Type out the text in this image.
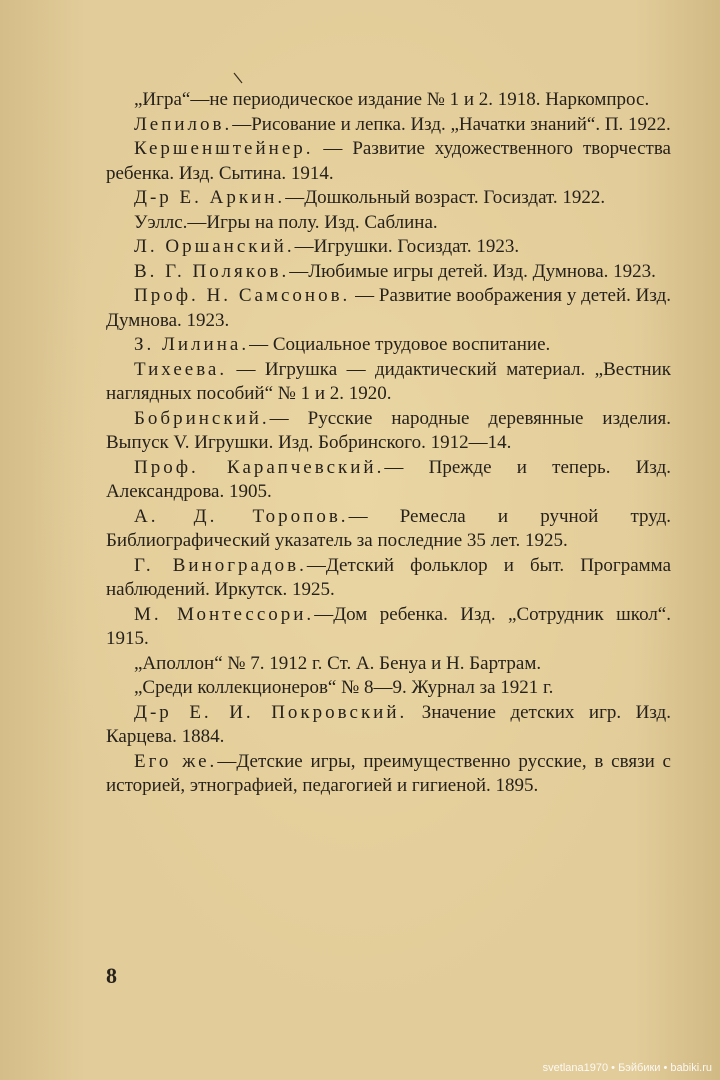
„Игра“—не периодическое издание № 1 и 2. 1918. Наркомпрос.

Лепилов.—Рисование и лепка. Изд. „Начатки знаний“. П. 1922.

Кершенштейнер. — Развитие художественного творчества ребенка. Изд. Сытина. 1914.

Д-р Е. Аркин.—Дошкольный возраст. Госиздат. 1922.

Уэллс.—Игры на полу. Изд. Саблина.

Л. Оршанский.—Игрушки. Госиздат. 1923.

В. Г. Поляков.—Любимые игры детей. Изд. Думнова. 1923.

Проф. Н. Самсонов. — Развитие воображения у детей. Изд. Думнова. 1923.

З. Лилина.— Социальное трудовое воспитание.

Тихеева. — Игрушка — дидактический материал. „Вестник наглядных пособий“ № 1 и 2. 1920.

Бобринский.— Русские народные деревянные изделия. Выпуск V. Игрушки. Изд. Бобринского. 1912—14.

Проф. Карапчевский.— Прежде и теперь. Изд. Александрова. 1905.

А. Д. Торопов.— Ремесла и ручной труд. Библиографический указатель за последние 35 лет. 1925.

Г. Виноградов.—Детский фольклор и быт. Программа наблюдений. Иркутск. 1925.

М. Монтессори.—Дом ребенка. Изд. „Сотрудник школ“. 1915.

„Аполлон“ № 7. 1912 г. Ст. А. Бенуа и Н. Бартрам.

„Среди коллекционеров“ № 8—9. Журнал за 1921 г.

Д-р Е. И. Покровский. Значение детских игр. Изд. Карцева. 1884.

Его же.—Детские игры, преимущественно русские, в связи с историей, этнографией, педагогией и гигиеной. 1895.

8
svetlana1970 • Бэйбики • babiki.ru
